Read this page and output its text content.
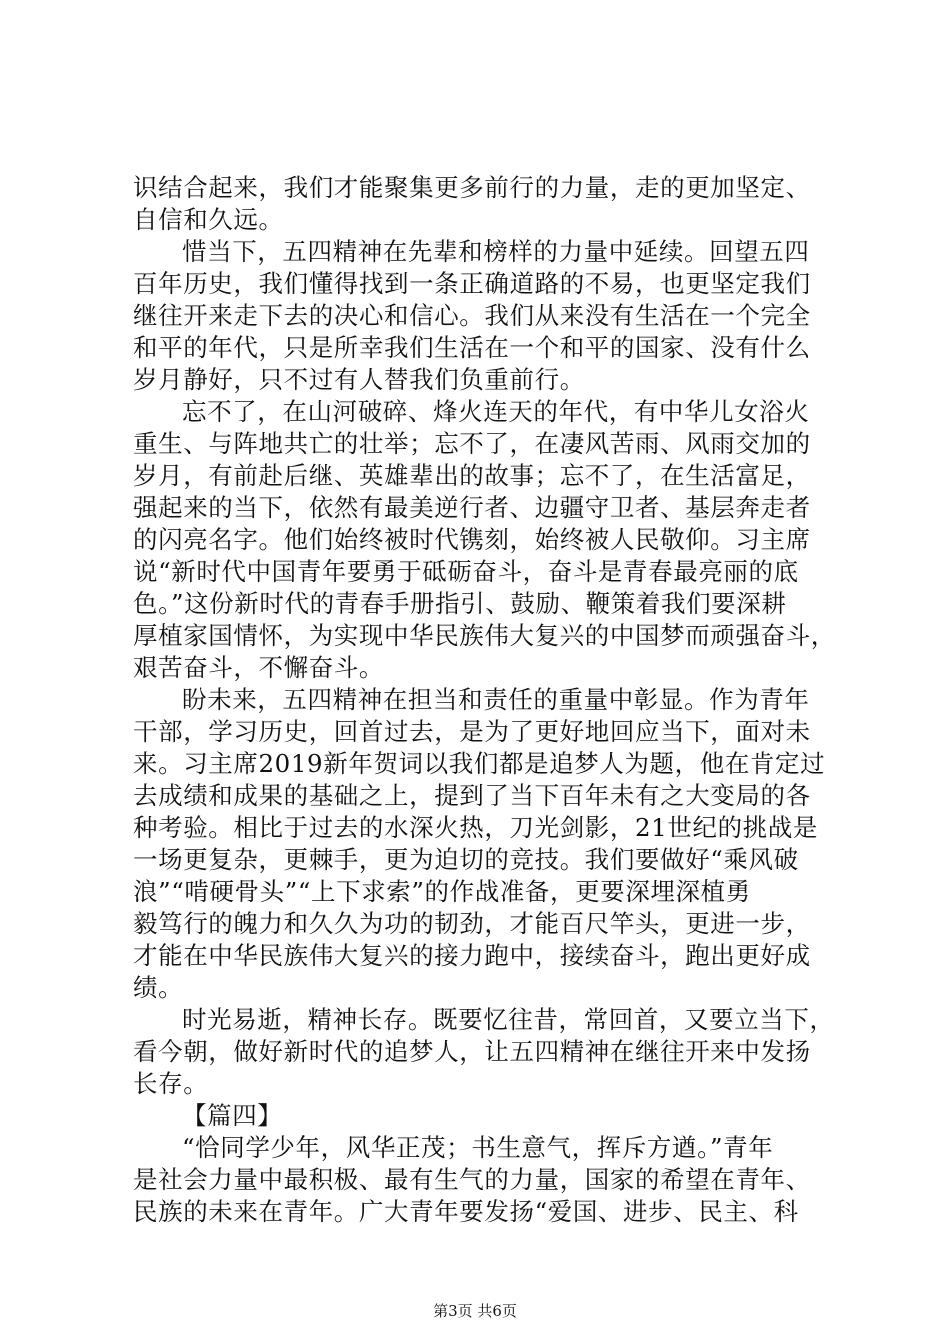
识结合起来，我们才能聚集更多前行的力量，走的更加坚定、
自信和久远。
惜当下，五四精神在先辈和榜样的力量中延续。回望五四
百年历史，我们懂得找到一条正确道路的不易，也更坚定我们
继往开来走下去的决心和信心。我们从来没有生活在一个完全
和平的年代，只是所幸我们生活在一个和平的国家、没有什么
岁月静好，只不过有人替我们负重前行。
忘不了，在山河破碎、烽火连天的年代，有中华儿女浴火
重生、与阵地共亡的壮举；忘不了，在凄风苦雨、风雨交加的
岁月，有前赴后继、英雄辈出的故事；忘不了，在生活富足，
强起来的当下，依然有最美逆行者、边疆守卫者、基层奔走者
的闪亮名字。他们始终被时代镌刻，始终被人民敬仰。习主席
说“新时代中国青年要勇于砥砺奋斗，奋斗是青春最亮丽的底
色。”这份新时代的青春手册指引、鼓励、鞭策着我们要深耕
厚植家国情怀，为实现中华民族伟大复兴的中国梦而顽强奋斗，
艰苦奋斗，不懈奋斗。
盼未来，五四精神在担当和责任的重量中彰显。作为青年
干部，学习历史，回首过去，是为了更好地回应当下，面对未
来。习主席2019新年贺词以我们都是追梦人为题，他在肯定过
去成绩和成果的基础之上，提到了当下百年未有之大变局的各
种考验。相比于过去的水深火热，刀光剑影，21世纪的挑战是
一场更复杂，更棘手，更为迫切的竞技。我们要做好“乘风破
浪”“啃硬骨头”“上下求索”的作战准备，更要深埋深植勇
毅笃行的魄力和久久为功的韧劲，才能百尺竿头，更进一步，
才能在中华民族伟大复兴的接力跑中，接续奋斗，跑出更好成
绩。
时光易逝，精神长存。既要忆往昔，常回首，又要立当下，
看今朝，做好新时代的追梦人，让五四精神在继往开来中发扬
长存。
【篇四】
“恰同学少年，风华正茂；书生意气，挥斥方遒。”青年
是社会力量中最积极、最有生气的力量，国家的希望在青年、
民族的未来在青年。广大青年要发扬“爱国、进步、民主、科
第3页 共6页
